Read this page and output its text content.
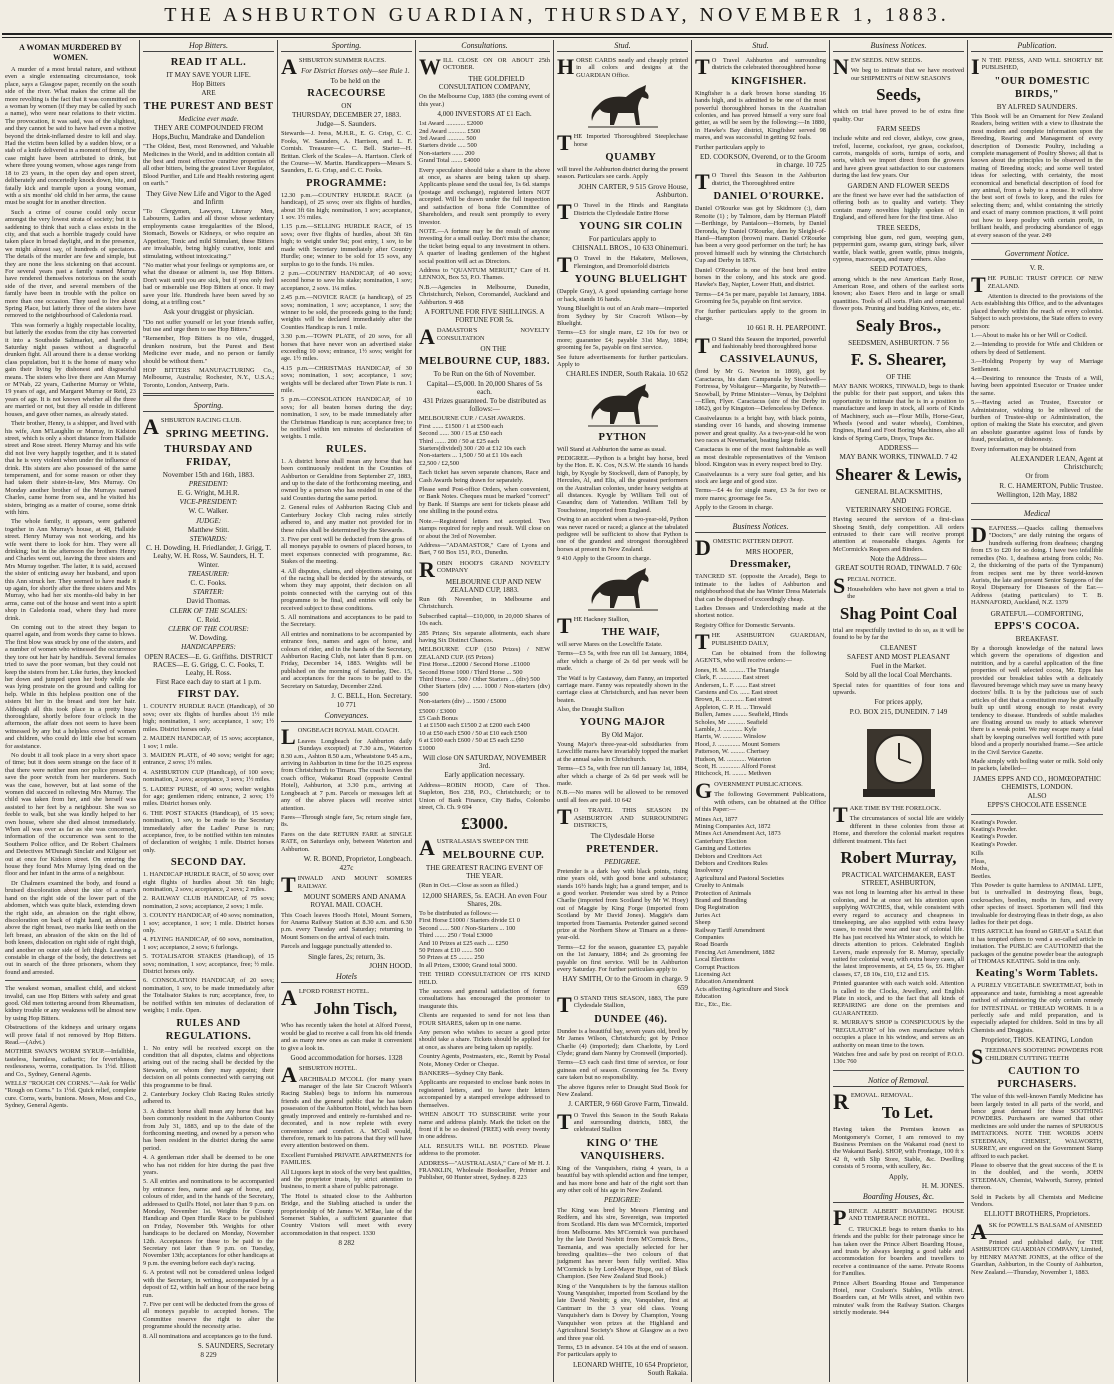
THE ASHBURTON GUARDIAN, THURSDAY, NOVEMBER 1, 1883.
A WOMAN MURDERED BY WOMEN.
A murder of a most brutal nature, and without even a single extenuating circumstance, took place, says a Glasgow paper, recently on the south side of the river. What makes the crime all the more revolting is the fact that it was committed on a woman by women (if they may be called by such a name), who were near relations to their victim. The provocation, it was said, was of the slightest, and they cannot be said to have had even a motive beyond the drink-inflamed desire to kill and slay. Had the victim been killed by a sudden blow, or a stab of a knife delivered in a moment of frenzy, the case might have been attributed to drink, but where three young women, whose ages range from 18 to 23 years, in the open day and open street, deliberately and concertedly knock down, bite, and fatally kick and trample upon a young woman, with a six months' old child in her arms, the cause must be sought for in another direction.
Such a crime of course could only occur amongst the very lowest strata of society; but it is saddening to think that such a class exists in the city, and that such a horrible tragedy could have taken place in broad daylight, and in the presence, we might almost say, of hundreds of spectators. The details of the murder are few and simple, but they are none the less sickening on that account. For several years past a family named Murray have rendered themselves notorious on the south side of the river, and several members of the family have been in trouble with the police on more than one occasion. They used to live about Spring Place, but latterly three of the sisters have removed to the neighbourhood of Caledonia road.
This was formerly a highly respectable locality, but latterly the exodus from the city has converted it into a Southside Saltmarket, and hardly a Saturday night passes without a disgraceful drunken fight. All around there is a dense working class population, but it is the home of many who gain their living by dishonest and disgraceful means. The sisters who live there are Ann Murray or M'Nab, 22 years, Catherine Murray or White, 19 years of age, and Margaret Murray or Reid, 23 years of age. It is not known whether all the three are married or not, but they all reside in different houses, and gave other names, as already stated.
Their brother, Henry, is a shipper, and lived with his wife, Ann M'Laughlin or Murray, in Kidston street, which is only a short distance from Hallside street and Rose street. Henry Murray and his wife did not live very happily together, and it is stated that he is very violent when under the influence of drink. His sisters are also possessed of the same temperament, and for some reason or other they had taken their sister-in-law, Mrs Murray. On Monday another brother of the Murrays named Charles, came home from sea, and he visited his sisters, bringing as a matter of course, some drink with him.
The whole family, it appears, were gathered together in Ann Murray's house, at 48, Hallside street. Henry Murray was not working, and his wife went there to look for him. They were all drinking; but in the afternoon the brothers Henry and Charles went out, leaving the three sisters and Mrs Murray together. The latter, it is said, accused the sister of enticing away her husband, and upon this Ann struck her. They seemed to have made it up again, for shortly after the three sisters and Mrs Murray, who had her six months-old baby in her arms, came out of the house and went into a spirit shop in Caledonia road, where they had more drink.
On coming out to the street they began to quarrel again, and from words they came to blows. The first blow was struck by one of the sisters, and a number of women who witnessed the occurrence they tore out her hair by handfuls. Several females tried to save the poor woman, but they could not keep the sisters from her. Like furies, they knocked her down and jumped upon her body while she was lying prostrate on the ground and calling for help. While in this helpless position one of the sisters bit her in the breast and tore her hair. Although all this took place in a pretty busy thoroughfare, shortly before four o'clock in the afternoon, the affair does not seem to have been witnessed by any but a helpless crowd of women and children, who could do little else but scream for assistance.
No doubt it all took place in a very short space of time; but it does seem strange on the face of it that there were neither men nor police present to save the poor wretch from her murderers. Such was the case, however, but at last some of the women did succeed in relieving Mrs Murray. The child was taken from her, and she herself was assisted to her feet by a neighbour. She was so feeble to walk, but she was kindly helped to her own house, where she died almost immediately. When all was over as far as she was concerned, information of the occurrence was sent to the Southern Police office, and Dr Robert Chalmers and Detectives M'Dunagh Sinclair and Kilgour set out at once for Kidston street. On entering the house they found Mrs Murray lying dead on the floor and her infant in the arms of a neighbour.
Dr Chalmers examined the body, and found a bruised discoloration about the size of a man's hand on the right side of the lower part of the abdomen, which was quite black, extending down the right side, an abrasion on the right elbow, discoloration on back of right hand, an abrasion above the right breast, two marks like teeth on the left breast, an abrasion of the skin on the lid of both knees, dislocation on right side of right thigh, and another on outer side of left thigh. Leaving a constable in charge of the body, the detectives set out in search of the three prisoners, whom they found and arrested.
The weakest woman, smallest child, and sickest invalid, can use Hop Bitters with safety and great good. Old men tottering around from Rheumatism, kidney trouble or any weakness will be almost new by using Hop Bitters.
Obstructions of the kidneys and urinary organs will prove fatal if not removed by Hop Bitters. Read.—(Advt.)
MOTHER SWAN'S WORM SYRUP.—Infallible, tasteless, harmless, cathartic; for feverishness, restlessness, worms, constipation. 1s 1½d. Elliott and Co., Sydney, General Agents.
WELLS' "ROUGH ON CORNS."—Ask for Wells' "Rough on Corns." 1s 1½d. Quick relief, complete cure. Corns, warts, bunions. Moses, Moss and Co., Sydney, General Agents.
Hop Bitters.
READ IT ALL.
IT MAY SAVE YOUR LIFE.
Hop Bitters
ARE
THE PUREST AND BEST
Medicine ever made.
THEY ARE COMPOUNDED FROM
Hops,Buchu, Mandrake and Dandelion
"The Oldest, Best, most Renowned, and Valuable Medicines in the World, and in addition contain all the best and most effective curative properties of all other bitters, being the greatest Liver Regulator, Blood Purifier, and Life and Health restoring agent on earth."
They Give New Life and Vigor to the Aged and Infirm
"To Clergymen, Lawyers, Literary Men, Labourers, Ladies and all those whose sedentary employments cause irregularities of the Blood, Stomach, Bowels or Kidneys, or who require an Appetizer, Tonic and mild Stimulant, these Bitters are invaluable, being highly curative, tonic and stimulating, without intoxicating."
"No matter what your feelings or symptoms are, or what the disease or ailment is, use Hop Bitters. Don't wait until you are sick, but if you only feel bad or miserable use Hop Bitters at once. It may save your life. Hundreds have been saved by so doing, at a trifling cost."
Ask your druggist or physician.
"Do not suffer yourself or let your friends suffer, but use and urge them to use Hop Bitters."
"Remember, Hop Bitters is no vile, drugged, drunken nostrum, but the Purest and Best Medicine ever made, and no person or family should be without them."
HOP BITTERS MANUFACTURING Co., Melbourne, Australia; Rochester, N.Y., U.S.A.; Toronto, London, Antwerp, Paris.
Sporting.
ASHBURTON RACING CLUB.
SPRING MEETING.
THURSDAY AND FRIDAY,
November 15th and 16th, 1883.
PRESIDENT:
E. G. Wright, M.H.R.
VICE-PRESIDENT:
W. C. Walker.
JUDGE:
Matthew Stitt.
STEWARDS:
C. H. Dowding, H. Friedlander, J. Grigg, T. Leahy, W. H. Ross, W. Saunders, H. T. Winter.
TREASURER:
C. C. Fooks.
STARTER:
David Thomas.
CLERK OF THE SCALES:
C. Reid.
CLERK OF THE COURSE:
W. Dowding.
HANDICAPPERS:
OPEN RACES—E. G. Griffiths. DISTRICT RACES—E. G. Grigg, C. C. Fooks, T. Leahy, H. Ross.
First Race each day to start at 1 p.m.
FIRST DAY.
1. COUNTY HURDLE RACE (Handicap), of 30 sovs; over six flights of hurdles about 1½ mile high; nomination, 1 sov; acceptance, 1 sov; 1½ miles. District horses only.
2. MAIDEN HANDICAP, of 15 sovs; acceptance, 1 sov; 1 mile.
3. MAIDEN PLATE, of 40 sovs; weight for age; entrance, 2 sovs; 1½ miles.
4. ASHBURTON CUP (Handicap), of 100 sovs; nomination, 2 sovs; acceptance, 3 sovs; 1½ miles.
5. LADIES' PURSE, of 40 sovs; welter weights for age; gentlemen riders; entrance, 2 sovs; 1½ miles. District horses only.
6. THE POST STAKES (Handicap), of 15 sovs; nomination, 1 sov, to be made to the Secretary immediately after the Ladies' Purse is run; acceptance, free, to be notified within ten minutes of declaration of weights; 1 mile. District horses only.
SECOND DAY.
1. HANDICAP HURDLE RACE, of 50 sovs; over eight flights of hurdles about 3ft 6in high; nomination, 2 sovs; acceptance, 2 sovs; 2 miles.
2. RAILWAY CLUB HANDICAP, of 75 sovs; nomination, 2 sovs; acceptance, 2 sovs; 1 mile.
3. COUNTY HANDICAP, of 40 sovs; nomination, 1 sov; acceptance, 1 sov; 1 mile. District horses only.
4. FLYING HANDICAP, of 60 sovs, nomination, 1 sov; acceptance, 2 sovs; 6 furlongs.
5. TOTALISATOR STAKES (Handicap), of 15 sovs; nomination, 1 sov; acceptance, free; ½ mile. District horses only.
6. CONSOLATION HANDICAP, of 20 sovs; nomination, 1 sov, to be made immediately after the Totalisator Stakes is run; acceptance, free, to be notified within ten minutes of declaration of weights; 1 mile. Open.
RULES AND REGULATIONS.
1. No entry will be received except on the condition that all disputes, claims and objections arising out of the racing shall be decided by the Stewards, or whom they may appoint; their decision on all points connected with carrying out this programme to be final.
2. Canterbury Jockey Club Racing Rules strictly adhered to.
3. A district horse shall mean any horse that has been commonly resident in the Ashburton County from July 31, 1883, and up to the date of the forthcoming meeting, and owned by a person who has been resident in the district during the same period.
4. A gentleman rider shall be deemed to be one who has not ridden for hire during the past five years.
5. All entries and nominations to be accompanied by entrance fees, name and age of horse, and colours of rider, and in the hands of the Secretary, addressed to Quill's Hotel, not later than 9 p.m. on Monday, November 1st. Weights for County Handicap and Open Hurdle Race to be published on Friday, November 9th. Weights for other handicaps to be declared on Monday, November 12th. Acceptances for these to be paid to the Secretary not later than 9 p.m. on Tuesday, November 13th; acceptances for other handicaps at 9 p.m. the evening before each day's racing.
6. A protest will not be considered unless lodged with the Secretary, in writing, accompanied by a deposit of £2, within half an hour of the race being run.
7. Five per cent will be deducted from the gross of all moneys payable to accepted horses. The Committee reserve the right to alter the programme should the necessity arise.
8. All nominations and acceptances go to the fund.
S. SAUNDERS, Secretary
8 229
Sporting.
ASHBURTON SUMMER RACES.
For District Horses only—see Rule 1.
To be held on the
RACECOURSE
ON
THURSDAY, DECEMBER 27, 1883.
Judge—S. Saunders.
Stewards—J. Ivess, M.H.R., E. G. Crisp, C. C. Fooks, W. Saunders, A. Harrison, and L. F. Cornish. Treasurer—C. C. Bell. Starter—H. Brittan. Clerk of the Scales—A. Harrison. Clerk of the Course—W. Martin. Handicappers—Messrs S. Saunders, E. G. Crisp, and C. C. Fooks.
PROGRAMME:
12.30 p.m.—COUNTRY HURDLE RACE (a handicap), of 25 sovs; over six flights of hurdles, about 3ft 6in high; nomination, 1 sov; acceptance, 1 sov. 1½ miles.
1.15 p.m.—SELLING HURDLE RACE, of 15 sovs; over five flights of hurdles, about 3ft 6in high; to weight under 9st; post entry, 1 sov, to be made with Secretary immediately after Country Hurdle; one; winner to be sold for 15 sovs, any surplus to go to the funds. 1¼ miles.
2 p.m.—COUNTRY HANDICAP, of 40 sovs; second horse to save his stake; nomination, 1 sov; acceptance, 2 sovs. 1¼ miles.
2.45 p.m.—NOVICE RACE (a handicap), of 25 sovs; nomination, 1 sov; acceptance, 1 sov; the winner to be sold, the proceeds going to the fund; weights will be declared immediately after the Counties Handicap is run. 1 mile.
3.30 p.m.—TOWN PLATE, of 20 sovs, for all horses that have never won an advertised stake exceeding 10 sovs; entrance, 1½ sovs; weight for age. 1½ miles.
4.15 p.m.—CHRISTMAS HANDICAP, of 30 sovs; nomination, 1 sov; acceptance, 1 sov; weights will be declared after Town Plate is run. 1 mile.
5 p.m.—CONSOLATION HANDICAP, of 10 sovs; for all beaten horses during the day; nomination, 1 sov, to be made immediately after the Christmas Handicap is run; acceptance free; to be notified within ten minutes of declaration of weights. 1 mile.
RULES.
1. A district horse shall mean any horse that has been continuously resident in the Counties of Ashburton or Geraldine from September 27, 1883, and up to the date of the forthcoming meeting, and owned by a person who has resided in one of the said Counties during the same period.
2. General rules of Ashburton Racing Club and Canterbury Jockey Club racing rules strictly adhered to, and any matter not provided for in these rules shall be determined by the Stewards.
3. Five per cent will be deducted from the gross of all moneys payable to owners of placed horses, to meet expenses connected with programme, &c. Stakes of the meeting.
4. All disputes, claims, and objections arising out of the racing shall be decided by the stewards, or whom they may appoint, their decision on all points connected with the carrying out of this programme to be final, and entries will only be received subject to these conditions.
5. All nominations and acceptances to be paid to the Secretary.
All entries and nominations to be accompanied by entrance fees, names and ages of horse, and colours of rider, and in the hands of the Secretary, Ashburton Racing Club, not later than 8 p.m. on Friday, December 14, 1883. Weights will be published on the morning of Saturday, Dec. 15, and acceptances for the races to be paid to the Secretary on Saturday, December 22nd.
J. C. BELL, Hon. Secretary.
10 771
Conveyances.
LONGBEACH ROYAL MAIL COACH.
Leaves Longbeach for Ashburton daily (Sundays excepted) at 7.30 a.m., Waterton 8.30 a.m., Ashton 8.50 a.m., Wheatstone 9.45 a.m., arriving in Ashburton in time for the 10.25 express from Christchurch to Timaru. The coach leaves the coach office, Wakanui Road (opposite Central Hotel), Ashburton, at 3.30 p.m., arriving at Longbeach at 7 p.m. Parcels or messages left at any of the above places will receive strict attention.
Fares—Through single fare, 5s; return single fare, 8s.
Fares on the date RETURN FARE at SINGLE RATE, on Saturdays only, between Waterton and Ashburton.
W. R. BOND, Proprietor, Longbeach.
427c
TINWALD AND MOUNT SOMERS RAILWAY.
MOUNT SOMERS AND ANAMA ROYAL MAIL COACH.
This Coach leaves Hood's Hotel, Mount Somers, for Anama Railway Station at 8.30 a.m. and 6.30 p.m. every Tuesday and Saturday; returning to Mount Somers on the arrival of each train.
Parcels and luggage punctually attended to.
Single fares, 2s; return, 3s.
JOHN HOOD.
Hotels
ALFORD FOREST HOTEL.
John Tisch,
Who has recently taken the hotel at Alford Forest, would be glad to receive a call from his old friends and as many new ones as can make it convenient to give a look in.
Good accommodation for horses. 1328
ASHBURTON HOTEL.
ARCHIBALD M'COLL (for many years manager of the late Sir Cracroft Wilson's Racing Stables) begs to inform his numerous friends and the general public that he has taken possession of the Ashburton Hotel, which has been greatly improved and entirely re-furnished and re-decorated, and is now replete with every convenience and comfort. A. M'Coll would, therefore, remark to his patrons that they will have every attention bestowed on them.
Excellent Furnished PRIVATE APARTMENTS for FAMILIES.
All Liquors kept in stock of the very best qualities, and the proprietor trusts, by strict attention to business, to merit a share of public patronage.
The Hotel is situated close to the Ashburton Bridge, and the Stabling attached is under the proprietorship of Mr James W. M'Rae, late of the Somerset Stables, a sufficient guarantee that Country Visitors will meet with every accommodation in that respect. 1330
8 282
Consultations.
WILL CLOSE ON OR ABOUT 25th OCTOBER.
THE GOLDFIELD CONSULTATION COMPANY,
On the Melbourne Cup, 1883 (the coming event of this year.)
4,000 INVESTORS AT £1 Each.
1st Award ............ £2000
2nd Award ........... £500
3rd Award ........... 500
Starters divide ..... 500
Non-starters ....... 200
Grand Total ....... £4000
Every speculator should take a share in the above at once, as shares are being taken up sharp. Applicants please send the usual fee, 1s 6d. stamps (postage and exchange), registered letters NOT accepted. Will be drawn under the full inspection and satisfaction of bona fide Committee of Shareholders, and result sent promptly to every investor.
NOTE.—A fortune may be the result of anyone investing for a small outlay. Don't miss the chance; the ticket being equal to any investment in others. A quarter of leading gentlemen of the highest social position will act as Directors.
Address to "QUANTUM MERUIT," Care of H. LENNOX, Box 53, P.O. Thames.
N.B.—Agencies in Melbourne, Dunedin, Christchurch, Nelson, Coromandel, Auckland and Ashburton. 9 468
A FORTUNE FOR FIVE SHILLINGS. A FORTUNE FOR 5s.
ADAMASTOR'S NOVELTY CONSULTATION
ON THE
MELBOURNE CUP, 1883.
To be Run on the 6th of November.
Capital—£5,000. In 20,000 Shares of 5s each.
431 Prizes guaranteed. To be distributed as follows:—
MELBOURNE CUP. / CASH AWARDS.
First ....... £1500 / 1 at £500 each
Second ...... 300 / 15 at £50 each
Third ....... 200 / 50 at £25 each
Starters(divided) 300 / 20 at £12 10s each
Non-starters ... 1,500 / 50 at £1 10s each
£2,500 / £2,500
Each ticket has seven separate chances, Race and Cash Awards being drawn for separately.
Please send Post-office Orders, when convenient, or Bank Notes. Cheques must be marked "correct" by Bank. If Stamps are sent for tickets please add one shilling in the pound extra.
Note.—Registered letters not accepted. Two stamps required for reply and result. Will close on or about the 3rd of November.
Address—"ADAMASTOR," Care of Lyons and Bart, 7 60 Box 151, P.O., Dunedin.
ROBIN HOOD'S GRAND NOVELTY COMPANY
MELBOURNE CUP AND NEW ZEALAND CUP, 1883.
Run 6th November, in Melbourne and Christchurch.
Subscribed capital—£10,000, in 20,000 Shares of 10s each.
285 Prizes; Six separate allotments, each share having Six Distinct Chances.
MELBOURNE CUP (150 Prizes) / NEW ZEALAND CUP. (65 Prizes)
First Horse...£2000 / Second Horse ..£1000
Second Horse 1000 / Third Horse ... 500
Third Horse ... 500 / Other Starters ... (div) 500
Other Starters (div) ...... 1000 / Non-starters (div) 500
Non-starters (div) ... 1500 / £5000
£5000 / £3000
£5 Cash Bonus
1 at £1500 each £1500 2 at £200 each £400
10 at £50 each £500 / 50 at £10 each £500
6 at £100 each £600 / 50 at £5 each £250
£1000
Will close ON SATURDAY, NOVEMBER 3rd.
Early application necessary.
Address—ROBIN HOOD, Care of Thos. Stapleton, Box 238, P.O., Christchurch; or to Union of Bank Finance, City Baths, Colombo street, Ch. Ch. 9 694
£3000.
AUSTRALASIA'S SWEEP ON THE
MELBOURNE CUP.
THE GREATEST RACING EVENT OF THE YEAR.
(Run in Oct.—Close as soon as filled.)
12,000 SHARES, 5s. EACH. An even Four Shares, 20s.
To be distributed as follows:—
First Horse £1000 / Starters divide £1 0
Second ...... 500 / Non-Starters ... 100
Third ....... 250 / Total £3000
And 10 Prizes at £25 each .... £250
50 Prizes at £10 ....... 500
50 Prizes at £5 ......... 250
In all Prizes, £3000; Grand total 3000.
THE THIRD CONSULTATION OF ITS KIND HELD.
The success and general satisfaction of former consultations has encouraged the promoter to inaugurate this.
Clients are requested to send for not less than FOUR SHARES, taken up in one name.
Any person who wishes to secure a good prize should take a share. Tickets should be applied for at once, as shares are being taken up rapidly.
Country Agents, Postmasters, etc., Remit by Postal Note, Money Order or Cheque.
BANKERS—Sydney City Bank.
Applicants are requested to enclose bank notes in registered letters, and to have their letters accompanied by a stamped envelope addressed to themselves.
WHEN ABOUT TO SUBSCRIBE write your name and address plainly. Mark the ticket on the front if it be so desired (FREE) with every twenty in one address.
ALL RESULTS WILL BE POSTED. Please address to the promoter.
ADDRESS—"AUSTRALASIA," Care of Mr H. J. FRANKLIN, Wholesale Bookseller, Printer and Publisher, 60 Hunter street, Sydney. 8 223
Stud.
HORSE CARDS neatly and cheaply printed in all colors and designs at the GUARDIAN Office.
THE Imported Thoroughbred Steeplechase horse
QUAMBY
will travel the Ashburton district during the present season. Particulars see cards. Apply
JOHN CARTER, 9 515 Grove House, Ashburton.
T O Travel in the Hinds and Rangitata Districts the Clydesdale Entire Horse
YOUNG SIR COLIN
For particulars apply to
CHISNALL BROS., 10 633 Ohinemuri.
T O Travel in the Hakatere, Mellowes, Flemington, and Dromorfold districts
YOUNG BLUELIGHT
(Dapple Gray), A good upstanding carriage horse or hack, stands 16 hands.
Young Bluelight is out of an Arab mare—imported from Sydney by Sir Cracroft Wilson—by Bluelight.
Terms—£3 for single mare, £2 10s for two or more; guarantee £4; payable 31st May, 1884; grooming fee 5s, payable on first service.
See future advertisements for further particulars. Apply to
CHARLES INDER, South Rakaia. 10 652
PYTHON
Will Stand at Ashburton the same as usual.
PEDIGREE.—Python is a bright bay horse, bred by the Hon. E. K. Cox, N.S.W. He stands 16 hands high, by Kyogle by Stockwell, dam of Panoply, by Hercules, Al, and Elis, all the greatest performers on the Australian colonies, under heavy weights at all distances. Kyogle by William Tell out of Casandra; dam of Yattendon. William Tell by Touchstone, imported from England.
Owing to an accident when a two-year-old, Python was never raced or raced; a glance at the tabulated pedigree will be sufficient to show that Python is one of the grandest and strongest thoroughbred horses at present in New Zealand.
9 410 Apply to the Groom in charge.
THE Hackney Stallion,
THE WAIF,
will serve Mares on the Lowcliffe Estate.
Terms—£3 5s, with free run till 1st January, 1884, after which a charge of 2s 6d per week will be made.
The Waif is by Castaway, dam Fanny, an imported carriage mare. Fanny was repeatedly shown in the carriage class at Christchurch, and has never been beaten.
Also, the Draught Stallion
YOUNG MAJOR
By Old Major.
Young Major's three-year-old subsidiaries from Lowcliffe mares have invariably topped the market at the annual sales in Christchurch.
Terms—£3 5s, with free run till January 1st, 1884, after which a charge of 2s 6d per week will be made.
N.B.—No mares will be allowed to be removed until all fees are paid. 10 642
T O TRAVEL THIS SEASON IN ASHBURTON AND SURROUNDING DISTRICTS,
The Clydesdale Horse
PRETENDER.
PEDIGREE.
Pretender is a dark bay with black points, rising nine years old, with good bone and substance; stands 16½ hands high; has a grand temper, and is a good worker. Pretender was sired by a Prince Charlie (imported from Scotland by Mr W. Hoey) out of Maggie by King Forge (imported from Scotland by Mr David Jones). Maggie's dam imported from Tasmania. Pretender gained second prize at the Northern Show at Timaru as a three-year-old.
Terms—£2 for the season, guarantee £3, payable on the 1st January, 1884; and 2s grooming fee payable on first service. Will be in Ashburton every Saturday. For further particulars apply to
HAY SMITH, Or to the Groom in charge. 9 659
T O STAND THIS SEASON, 1883, The pure Clydesdale Stallion,
DUNDEE (46).
Dundee is a beautiful bay, seven years old, bred by Mr James Wilson, Christchurch; got by Prince Charlie (4) (imported); dam Charlotte, by Lord Clyde; grand dam Nanny by Cromwell (imported).
Terms—£3 each cash first time of service, or four guineas end of season. Grooming fee 5s. Every care taken but no responsibility.
The above figures refer to Draught Stud Book for New Zealand.
J. CARTER, 9 660 Grove Farm, Tinwald.
T O Travel this Season in the South Rakaia and surrounding districts, 1883, the celebrated Stallion
KING O' THE VANQUISHERS.
King of the Vanquishers, rising 4 years, is a beautiful bay with splendid action and fine temper, and has more bone and hair of the right sort than any other colt of his age in New Zealand.
PEDIGREE:
The King was bred by Messrs Fleming and Redfern, and his sire, Sovereign, was imported from Scotland. His dam was M'Cormick, imported from Melbourne. Mrs M'Cormick was purchased by the late David Nesbitt from M'Cormick Bros., Tasmania, and was specially selected for her breeding qualities—the two colours of that judgment has never been fully verified. Miss M'Cormick is by Lord-Mayor Hope, out of Black Champion. (See New Zealand Stud Book.)
King o' the Vanquishers is by the famous stallion Young Vanquisher, imported from Scotland by the late David Nesbitt; g sire, Vanquisher, first at Cantmarr in the 3 year old class. Young Vanquisher's dam is Dovey by Champion, Young Vanquisher won prizes at the Highland and Agricultural Society's Show at Glasgow as a two and three year old.
Terms, £3 in advance. £4 10s at the end of season. For particulars apply to
LEONARD WHITE, 10 654 Proprietor, South Rakaia.
Stud.
T O Travel Ashburton and surrounding districts the celebrated thoroughbred horse
KINGFISHER.
Kingfisher is a dark brown horse standing 16 hands high, and is admitted to be one of the most powerful thoroughbred horses in the Australian colonies, and has proved himself a very sure foal getter, as will be seen by the following:—In 1880, in Hawke's Bay district, Kingfisher served 98 mares, and was successful in getting 92 foals.
Further particulars apply to
ED. COOKSON, Overend, or to the Groom in charge. 10 725
T O Travel this Season in the Ashburton district, the Thoroughbred entire
DANIEL O'ROURKE.
Daniel O'Rourke was got by Skidmore (:), dam Renoite (1) ; by Talmore, dam by Herman Platoff—Berthinge, by Pantaloon—Hornets, by Daniel Deronda, by Daniel O'Rourke, dam by Sleight-of-Hand—Hampton (brown) mare. Daniel O'Rourke has been a very good performer on the turf; he has proved himself such by winning the Christchurch Cup and Derby in 1876.
Daniel O'Rourke is one of the best bred entire horses in the colony, and his stock are good. Hawke's Bay, Napier, Lower Hutt, and district.
Terms—£4 5s per mare, payable 1st January, 1884. Grooming fee 5s, payable on first service.
For further particulars apply to the groom in charge.
10 661 R. H. PEARPOINT.
T O Stand this Season the imported, powerful and fashionably bred thoroughbred horse
CASSIVELAUNUS,
(bred by Mr G. Newton in 1869), got by Caractacus, his dam Campanula by Stockwell—Fortressa, by Voltaigeur—Margarite, by Nutwith—Snowball, by Prime Minister—Venus, by Delphini—Ellen, Flyer. Caractacus (sire of the Derby in 1862), got by Kingston—Defenceless by Defence.
Cassivelaunus is a bright bay, with black points, standing over 16 hands, and showing immense power and great quality. As a two-year-old he won two races at Newmarket, beating large fields.
Caractacus is one of the most fashionable as well as most desirable representatives of the Venison blood. Kingston was in every respect bred to Dry.
Cassivelaunus is a very sure foal getter, and his stock are large and of good size.
Terms—£4 4s for single mare, £3 3s for two or more mares; groomage fee 5s.
Apply to the Groom in charge.
Business Notices.
DOMESTIC PATTERN DEPOT.
MRS HOOPER,
Dressmaker,
TANCRED ST. (opposite the Arcade), Begs to intimate to the ladies of Ashburton and neighbourhood that she has Winter Dress Materials that can be disposed of exceedingly cheap.
Ladies Dresses and Underclothing made at the shortest notice.
Registry Office for Domestic Servants.
THE ASHBURTON GUARDIAN, PUBLISHED DAILY,
Can be obtained from the following AGENTS, who will receive orders:—
Jones, H. M. .......... The Triangle
Clark, F. .............. East street
Andersen, L. F. ....... East street
Carstens and Co. ...... East street
Brown, R. ............. East street
Appleton, C. P. H. ... Tinwald
Bullen, James ......... Seafield, Hinds
Scholes, Mr ........... Seafield
Lamble, J. ............ Kyle
Harris, W. ............ Winslow
Hood, J. .............. Mount Somers
Patterson, W. ......... Chertsey
Hudson, M. ............ Waterton
Scott, H. ............. Alford Forest
Hitchcock, H. ......... Methven
GOVERNMENT PUBLICATIONS.
The following Government Publications, with others, can be obtained at the Office of this Paper:—
Mines Act, 1877
Mining Companies Act, 1872
Mines Act Amendment Act, 1873
Canterbury Election
Gaming and Lotteries
Debtors and Creditors Act
Debtors and Creditors Rules
Insolvency
Agricultural and Pastoral Societies
Cruelty to Animals
Protection of Animals
Brand and Branding
Dog Registration
Juries Act
Sheep
Railway Tariff Amendment
Companies
Road Boards
Fencing Act Amendment, 1882
Local Elections
Corrupt Practices
Licensing Act
Education Amendment
Acts affecting Agriculture and Stock
Education
Etc., Etc., Etc.
Business Notices.
NEW SEEDS. NEW SEEDS.
We beg to intimate that we have received our SHIPMENTS of NEW SEASON'S
Seeds,
which on trial have proved to be of extra fine quality. Our
FARM SEEDS
include white and red clover, alsikye, cow grass, trefoil, lucerne, cocksfoot, rye grass, cocksfoot, carrots, mangolds of sorts, turnips of sorts, and sorts, which we import direct from the growers and have given great satisfaction to our customers during the last few years. Our
GARDEN AND FLOWER SEEDS
are the finest we have ever had the satisfaction of offering both as to quality and variety. They contain many novelties highly spoken of in England, and offered here for the first time. Also
TREE SEEDS,
comprising blue gum, red gum, weeping gum, peppermint gum, swamp gum, stringy bark, silver wattle, black wattle, green wattle, pinus insignis, cypress, macrocarpa, and many others. Also
SEED POTATOES,
among which is the new American Early Rose, American Rose, and others of the earliest sorts known; also Essex Hero and in large or small quantities. Tools of all sorts. Plain and ornamental flower pots. Pruning and budding Knives, etc, etc.
Sealy Bros.,
SEEDSMEN, ASHBURTON. 7 56
F. S. Shearer,
OF THE
MAY BANK WORKS, TINWALD, begs to thank the public for their past support, and takes this opportunity to intimate that he is in a position to manufacture and keep in stock, all sorts of Kinds of Machinery, such as—Flour Mills, Horse-Gear, Wheels (wood and water wheels), Combines, Engines, Hand and Foot Boring Machines, also all kinds of Spring Carts, Drays, Traps &c.
ADDRESS—
MAY BANK WORKS, TINWALD. 7 42
Shearer & Lewis,
GENERAL BLACKSMITHS,
AND
VETERINARY SHOEING FORGE.
Having secured the services of a first-class Shoeing Smith, defy competition. All orders entrusted to their care will receive prompt attention at reasonable charges. Agents for McCormick's Reapers and Binders.
Note the Address—
GREAT SOUTH ROAD, TINWALD. 7 60c
SPECIAL NOTICE.
Householders who have not given a trial to the
Shag Point Coal
trial are respectfully invited to do so, as it will be found to be by far the
CLEANEST
SAFEST AND MOST PLEASANT
Fuel in the Market.
Sold by all the local Coal Merchants.
Special rates for quantities of four tons and upwards.
For prices apply,
P.O. BOX 215, DUNEDIN. 7 149
TAKE TIME BY THE FORELOCK.
The circumstances of social life are widely different in these colonies from those at Home, and therefore the colonial market requires different treatment. This fact
Robert Murray,
PRACTICAL WATCHMAKER, EAST STREET, ASHBURTON,
was not long in learning after his arrival in these colonies, and he at once set his attention upon supplying WATCHES, that, while consistent with every regard to accuracy and cheapness in timekeeping, are also supplied with extra heavy cases, to resist the wear and tear of colonial life. He has just received his Winter stock, to which he directs attention to prices. Celebrated English Levers, made expressly for R. Murray, specially suited for colonial wear, with extra heavy cases, all the latest improvements, at £4, £5 6s, £6. Higher classes, £7, £8 10s, £10, £12 and £15.
Printed guarantee with each watch sold. Attention is called to the Clocks, Jewellery, and English Plate in stock, and to the fact that all kinds of REPAIRING are done on the premises and GUARANTEED.
R. MURRAY'S SHOP is CONSPICUOUS by the "REGULATOR" of his own manufacture which occupies a place in his window, and serves as an authority on mean time to the town.
Watches free and safe by post on receipt of P.O.O. 130c 760
Notice of Removal.
REMOVAL. REMOVAL.
To Let.
Having taken the Premises known as Montgomery's Corner, I am removed to my Business Premises on the Wakanui road (next to the Wakanui Bank). SHOP, with Frontage, 100 ft x 42 ft, with Slip Store, Stable, &c. Dwelling consists of 5 rooms, with scullery, &c.
Apply,
H. M. JONES.
Boarding Houses, &c.
PRINCE ALBERT BOARDING HOUSE AND TEMPERANCE HOTEL.
C. TRUCKLE begs to return thanks to his friends and the public for their patronage since he has taken over the Prince Albert Boarding House, and trusts by always keeping a good table and accommodation for boarders and travellers to receive a continuance of the same. Private Rooms for Families.
Prince Albert Boarding House and Temperance Hotel, near Coulson's Stables, Wills street. Boarders can, at Mr Wills street, and within two minutes' walk from the Railway Station. Charges strictly moderate. 944
Publication.
I N THE PRESS, AND WILL SHORTLY BE PUBLISHED,
"OUR DOMESTIC BIRDS,"
BY ALFRED SAUNDERS.
This Book will be an Ornament for New Zealand Readers, being written with a view to illustrate the most modern and complete information upon the Breeding, Rearing and Management of every description of Domestic Poultry, including a complete management of Poultry Shows; all that is known about the principles to be observed in the mating of Breeding stock; and some well tested ideas for selecting, with certainty, the most economical and beneficial description of food for any animal, from a baby to a mouse. It will show the best sort of fowls to keep, and the rules for selecting them; and, whilst containing the strictly and exact of many common practices, it will point out how to keep poultry with certain profit, in brilliant health, and producing abundance of eggs at every season of the year. 249
Government Notice.
V. R.
THE PUBLIC TRUST OFFICE OF NEW ZEALAND.
Attention is directed to the provisions of the Acts establishing this Office, and to the advantages placed thereby within the reach of every colonist. Subject to such provisions, the State offers to every person:
1.—About to make his or her Will or Codicil.
2.—Intending to provide for Wife and Children or others by deed of Settlement.
3.—Holding Property by way of Marriage Settlement.
4.—Desiring to renounce the Trusts of a Will, having been appointed Executor or Trustee under the same.
5.—Having acted as Trustee, Executor or Administrator, wishing to be relieved of the burthen of Trustee-ship or Administration, the option of making the State his executor, and given an absolute guarantee against loss of funds by fraud, peculation, or dishonesty.
Every information may be obtained from
ALEXANDER LEAN, Agent at Christchurch;
Or from
R. C. HAMERTON, Public Trustee.
Wellington, 12th May, 1882
Medical
DEAFNESS.—Quacks calling themselves "Doctors," are daily ruining the organs of hundreds suffering from deafness; charging from £5 to £20 for so doing. I have two infallible remedies (No. 1, deafness arising from colds; No. 2, the thickening of the parts of the Tympanum) from recipes sent me by three world-known Aurists, the late and present Senior Surgeons of the Royal Dispensary for Diseases of the Ear.—Address (stating particulars) to T. B. HANNAFORD, Auckland, N.Z. 1379
GRATEFUL—COMFORTING,
EPPS'S COCOA.
BREAKFAST.
By a thorough knowledge of the natural laws which govern the operations of digestion and nutrition, and by a careful application of the fine properties of well selected cocoa, Mr. Epps has provided our breakfast tables with a delicately flavoured beverage which may save us many heavy doctors' bills. It is by the judicious use of such articles of diet that a constitution may be gradually built up until strong enough to resist every tendency to disease. Hundreds of subtle maladies are floating around us ready to attack wherever there is a weak point. We may escape many a fatal shaft by keeping ourselves well fortified with pure blood and a properly nourished frame.—See article in the Civil Service Gazette.
Made simply with boiling water or milk. Sold only in packets, labelled—
JAMES EPPS AND CO., HOMŒOPATHIC CHEMISTS, LONDON.
ALSO
EPPS'S CHOCOLATE ESSENCE
Keating's Powder.
Keating's Powder.
Keating's Powder.
Keating's Powder.
Kills
Fleas,
Moths,
Beetles.
This Powder is quite harmless to ANIMAL LIFE, but is unrivalled in destroying fleas, bugs, cockroaches, beetles, moths in furs, and every other species of insect. Sportsmen will find this invaluable for destroying fleas in their dogs, as also ladies for their pet dogs.
THIS ARTICLE has found so GREAT a SALE that it has tempted others to vend a so-called article in imitation. The PUBLIC are CAUTIONED that the packages of the genuine powder bear the autograph of THOMAS KEATING. Sold in tins only.
Keating's Worm Tablets.
A PURELY VEGETABLE SWEETMEAT, both in appearance and taste, furnishing a most agreeable method of administering the only certain remedy for INTESTINAL or THREAD WORMS. It is a perfectly safe and mild preparation, and is especially adapted for children. Sold in tins by all Chemists and Druggists.
Proprietor, THOS. KEATING, London
STEEDMAN'S SOOTHING POWDERS FOR CHILDREN CUTTING TEETH
CAUTION TO PURCHASERS.
The value of this well-known Family Medicine has been largely tested in all parts of the world, and hence great demand for these SOOTHING POWDERS. Purchasers are warned that other medicines are sold under the names of SPURIOUS IMITATIONS. NOTE THE WORDS JOHN STEEDMAN, CHEMIST, WALWORTH, SURREY, are engraved on the Government Stamp affixed to each packet.
Please to observe that the great success of the E is in the doubled, and the words, JOHN STEEDMAN, Chemist, Walworth, Surrey, printed thereon.
Sold in Packets by all Chemists and Medicine Vendors.
ELLIOTT BROTHERS, Proprietors.
ASK for POWELL'S BALSAM of ANISEED
Printed and published daily, for THE ASHBURTON GUARDIAN COMPANY, Limited, by HENRY MAYNE JONES, at the office of the Guardian, Ashburton, in the County of Ashburton, New Zealand.—Thursday, November 1, 1883.
